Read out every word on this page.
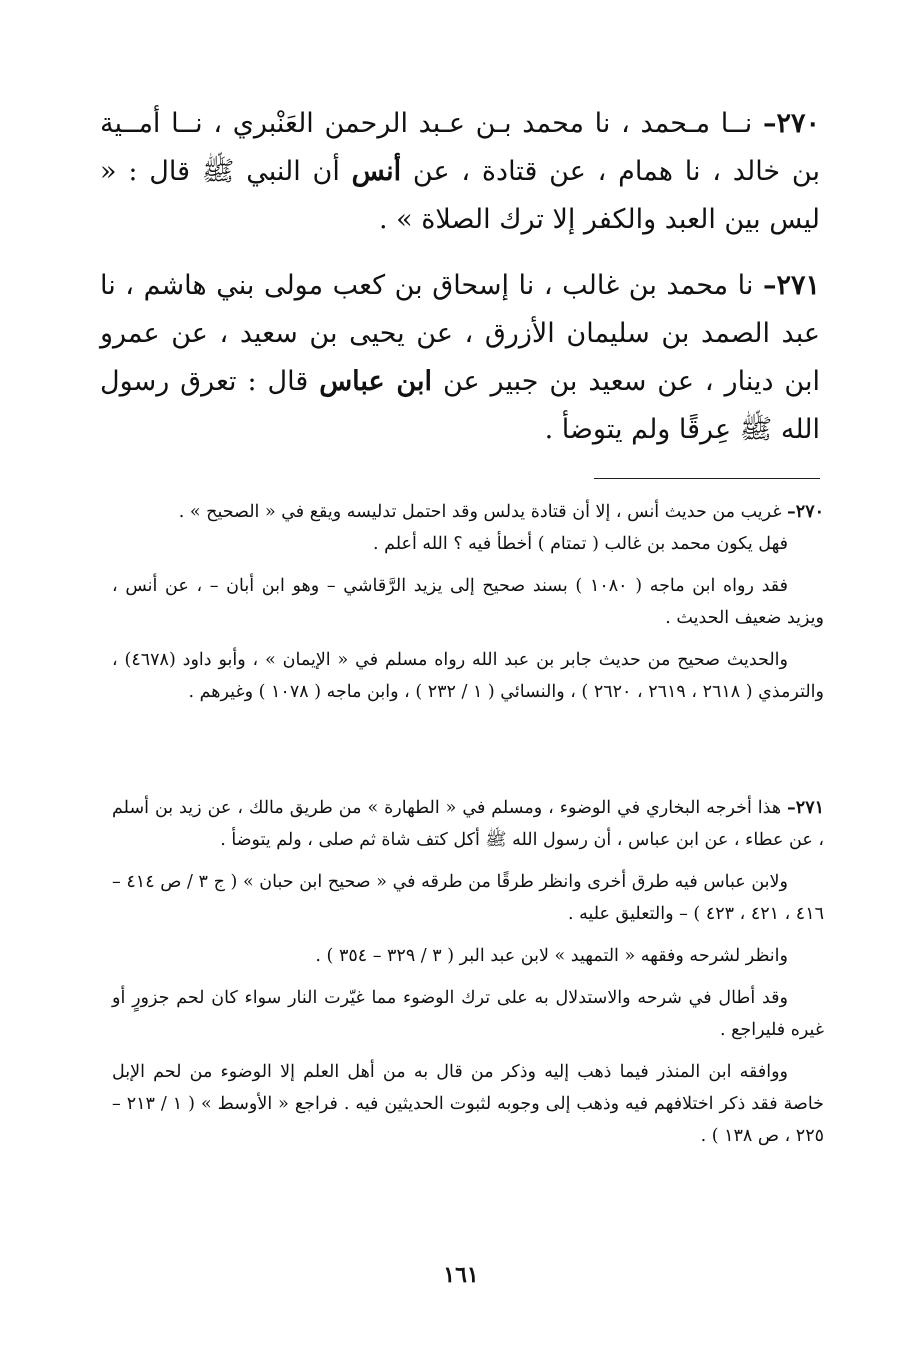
٢٧٠– نــا مـحمد ، نا محمد بـن عـبد الرحمن العَنْبري ، نــا أمــية بن خالد ، نا همام ، عن قتادة ، عن أنس أن النبي ﷺ قال : « ليس بين العبد والكفر إلا ترك الصلاة » .

٢٧١– نا محمد بن غالب ، نا إسحاق بن كعب مولى بني هاشم ، نا عبد الصمد بن سليمان الأزرق ، عن يحيى بن سعيد ، عن عمرو ابن دينار ، عن سعيد بن جبير عن ابن عباس قال : تعرق رسول الله ﷺ عِرقًا ولم يتوضأ .

٢٧٠– غريب من حديث أنس ، إلا أن قتادة يدلس وقد احتمل تدليسه ويقع في « الصحيح » .

فهل يكون محمد بن غالب ( تمتام ) أخطأ فيه ؟ الله أعلم .

فقد رواه ابن ماجه ( ١٠٨٠ ) بسند صحيح إلى يزيد الرَّقاشي – وهو ابن أبان – ، عن أنس ، ويزيد ضعيف الحديث .

والحديث صحيح من حديث جابر بن عبد الله رواه مسلم في « الإيمان » ، وأبو داود (٤٦٧٨) ، والترمذي ( ٢٦١٨ ، ٢٦١٩ ، ٢٦٢٠ ) ، والنسائي ( ١ / ٢٣٢ ) ، وابن ماجه ( ١٠٧٨ ) وغيرهم .

٢٧١– هذا أخرجه البخاري في الوضوء ، ومسلم في « الطهارة » من طريق مالك ، عن زيد بن أسلم ، عن عطاء ، عن ابن عباس ، أن رسول الله ﷺ أكل كتف شاة ثم صلى ، ولم يتوضأ .

ولابن عباس فيه طرق أخرى وانظر طرقًا من طرقه في « صحيح ابن حبان » ( ج ٣ / ص ٤١٤ – ٤١٦ ، ٤٢١ ، ٤٢٣ ) – والتعليق عليه .

وانظر لشرحه وفقهه « التمهيد » لابن عبد البر ( ٣ / ٣٢٩ – ٣٥٤ ) .

وقد أطال في شرحه والاستدلال به على ترك الوضوء مما غيّرت النار سواء كان لحم جزورٍ أو غيره فليراجع .

ووافقه ابن المنذر فيما ذهب إليه وذكر من قال به من أهل العلم إلا الوضوء من لحم الإبل خاصة فقد ذكر اختلافهم فيه وذهب إلى وجوبه لثبوت الحديثين فيه . فراجع « الأوسط » ( ١ / ٢١٣ – ٢٢٥ ، ص ١٣٨ ) .

١٦١
